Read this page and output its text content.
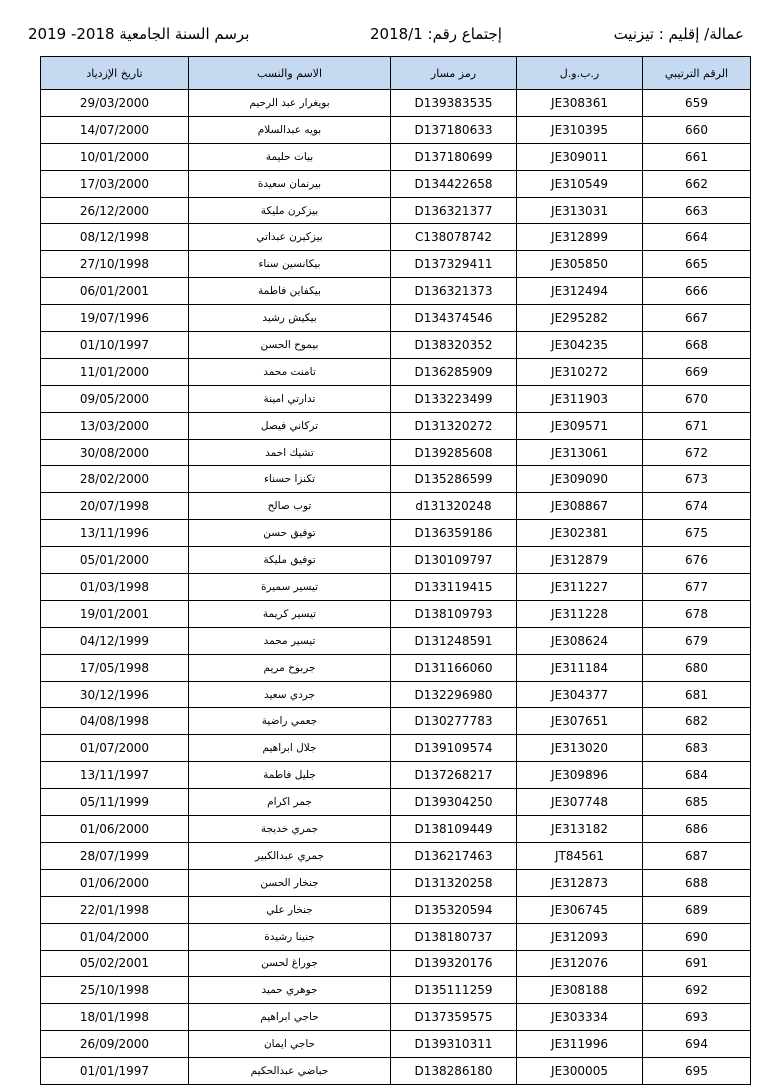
برسم السنة الجامعية 2018- 2019	إجتماع رقم: 2018/1	عمالة/ إقليم : تيزنيت
تاريخ الإزدياد	الاسم والنسب	رمز مسار	ر.ب.و.ل	الرقم الترتيبي
29/03/2000	بويغرار عبد الرحيم	D139383535	JE308361	659
14/07/2000	بويه عبدالسلام	D137180633	JE310395	660
10/01/2000	بيات حليمة	D137180699	JE309011	661
17/03/2000	بيرنمان سعيدة	D134422658	JE310549	662
26/12/2000	بيزكرن مليكة	D136321377	JE313031	663
08/12/1998	بيزكيرن عبداتي	C138078742	JE312899	664
27/10/1998	بيكانسين سناء	D137329411	JE305850	665
06/01/2001	بيكفاين فاطمة	D136321373	JE312494	666
19/07/1996	بيكيش رشيد	D134374546	JE295282	667
01/10/1997	بيموح الحسن	D138320352	JE304235	668
11/01/2000	تامنت محمد	D136285909	JE310272	669
09/05/2000	تدارتي امينة	D133223499	JE311903	670
13/03/2000	تركاني فيصل	D131320272	JE309571	671
30/08/2000	تشيك احمد	D139285608	JE313061	672
28/02/2000	تكنزا حسناء	D135286599	JE309090	673
20/07/1998	توب صالح	d131320248	JE308867	674
13/11/1996	توفيق حسن	D136359186	JE302381	675
05/01/2000	توفيق مليكة	D130109797	JE312879	676
01/03/1998	تيسير سميرة	D133119415	JE311227	677
19/01/2001	تيسير كريمة	D138109793	JE311228	678
04/12/1999	تيسير محمد	D131248591	JE308624	679
17/05/1998	جربوح مريم	D131166060	JE311184	680
30/12/1996	جردي سعيد	D132296980	JE304377	681
04/08/1998	جعمي راضية	D130277783	JE307651	682
01/07/2000	جلال ابراهيم	D139109574	JE313020	683
13/11/1997	جليل فاطمة	D137268217	JE309896	684
05/11/1999	جمر اكرام	D139304250	JE307748	685
01/06/2000	جمري خديجة	D138109449	JE313182	686
28/07/1999	جمري عبدالكبير	D136217463	JT84561	687
01/06/2000	جنخار الحسن	D131320258	JE312873	688
22/01/1998	جنخار علي	D135320594	JE306745	689
01/04/2000	جنينا رشيدة	D138180737	JE312093	690
05/02/2001	جوراغ لحسن	D139320176	JE312076	691
25/10/1998	جوهري حميد	D135111259	JE308188	692
18/01/1998	حاجي ابراهيم	D137359575	JE303334	693
26/09/2000	حاجي ايمان	D139310311	JE311996	694
01/01/1997	حباضي عبدالحكيم	D138286180	JE300005	695
